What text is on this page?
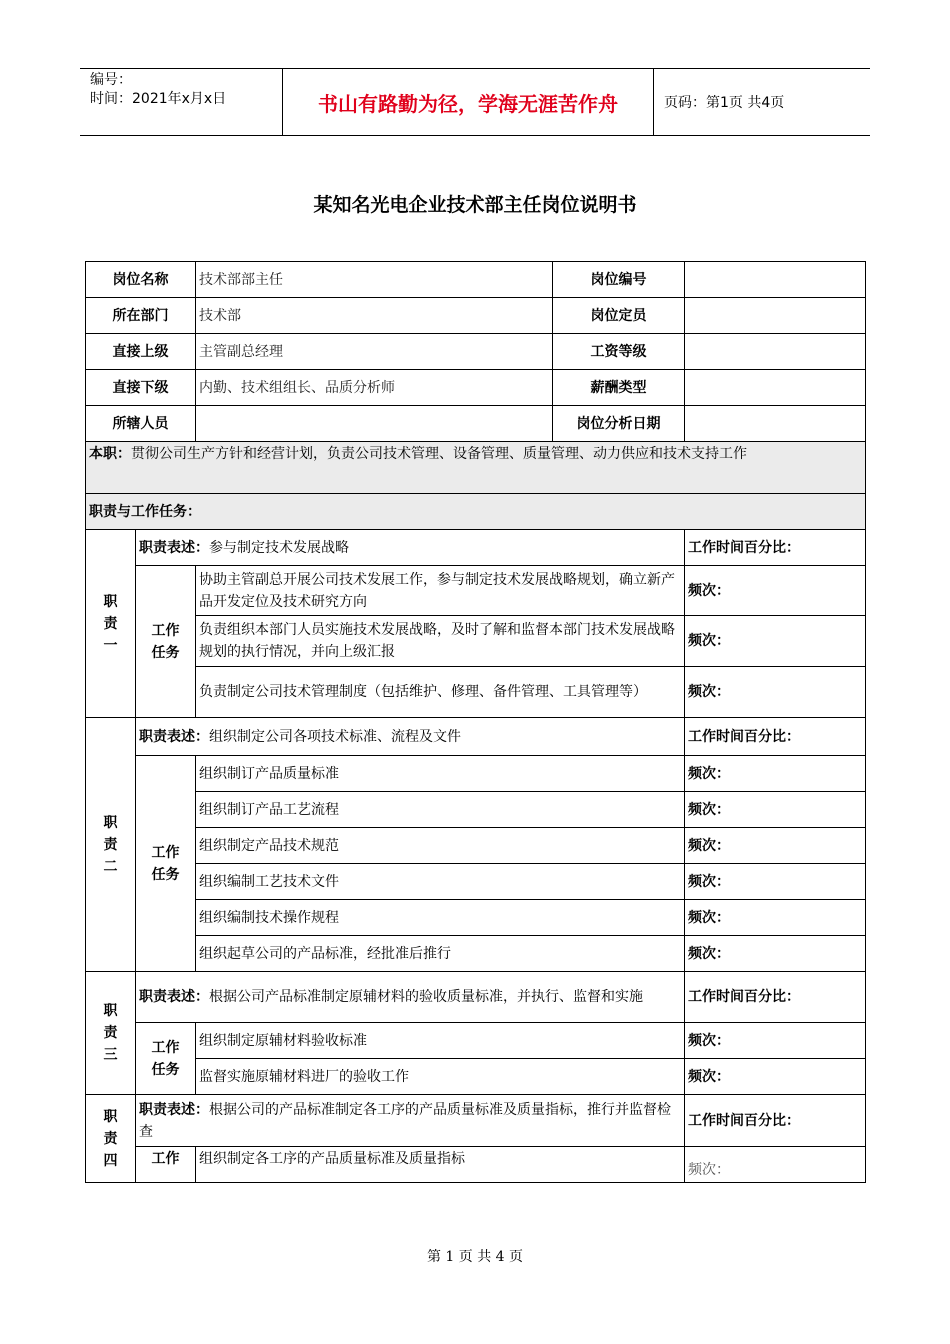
编号：
时间：2021年x月x日	书山有路勤为径，学海无涯苦作舟	页码：第1页 共4页
某知名光电企业技术部主任岗位说明书
岗位名称		技术部部主任	岗位编号	
所在部门		技术部	岗位定员	
直接上级		主管副总经理	工资等级	
直接下级		内勤、技术组组长、品质分析师	薪酬类型	
所辖人员			岗位分析日期	
本职：贯彻公司生产方针和经营计划，负责公司技术管理、设备管理、质量管理、动力供应和技术支持工作				
职责与工作任务：				

职
责
一	职责表述：参与制定技术发展战略			工作时间百分比：

	工作
任务	协助主管副总开展公司技术发展工作，参与制定技术发展战略规划，确立新产品开发定位及技术研究方向		频次：
		负责组织本部门人员实施技术发展战略，及时了解和监督本部门技术发展战略规划的执行情况，并向上级汇报		频次：
		负责制定公司技术管理制度（包括维护、修理、备件管理、工具管理等）		频次：

职
责
二	职责表述：组织制定公司各项技术标准、流程及文件			工作时间百分比：

	工作
任务	组织制订产品质量标准		频次：
		组织制订产品工艺流程		频次：
		组织制定产品技术规范		频次：
		组织编制工艺技术文件		频次：
		组织编制技术操作规程		频次：
		组织起草公司的产品标准，经批准后推行		频次：

职
责
三	职责表述：根据公司产品标准制定原辅材料的验收质量标准，并执行、监督和实施			工作时间百分比：

	工作
任务	组织制定原辅材料验收标准		频次：
		监督实施原辅材料进厂的验收工作		频次：

职
责
四	职责表述：根据公司的产品标准制定各工序的产品质量标准及质量指标，推行并监督检查			工作时间百分比：
	工作	组织制定各工序的产品质量标准及质量指标		频次：
第 1 页 共 4 页
